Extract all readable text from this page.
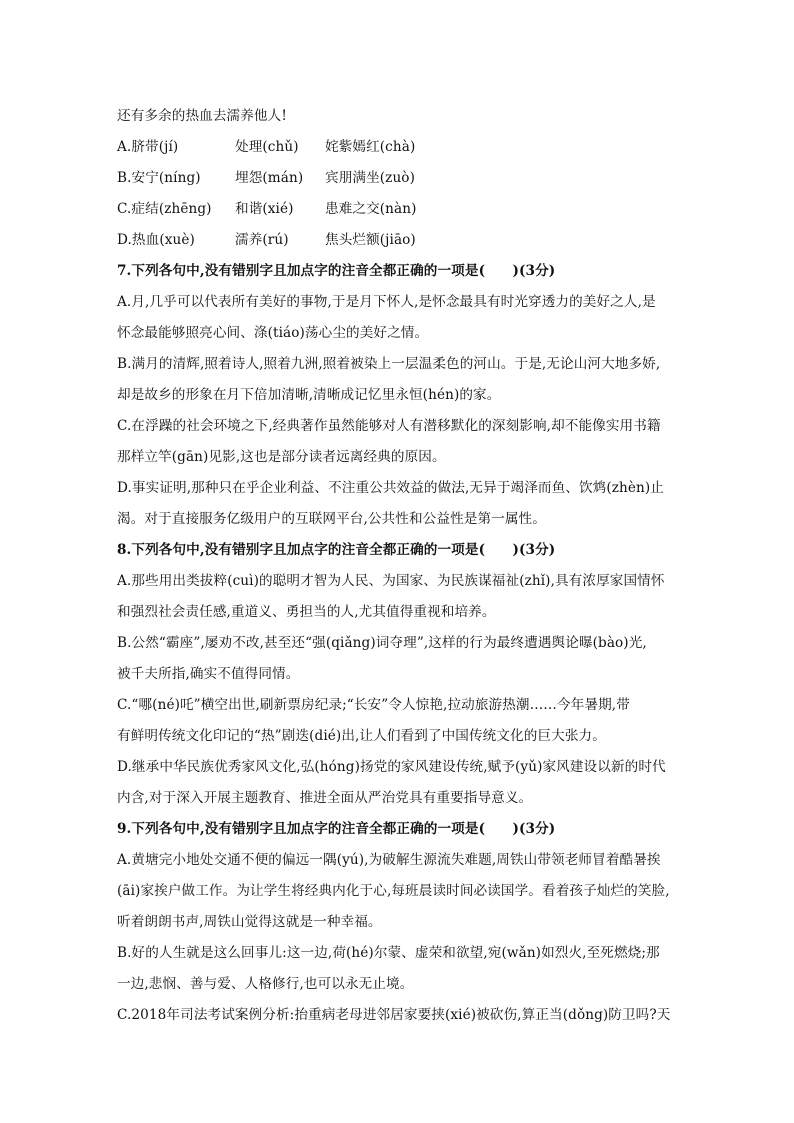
还有多余的热血去濡养他人!
A.脐带(jí)	处理(chǔ)	姹紫嫣红(chà)
B.安宁(níng)	埋怨(mán)	宾朋满坐(zuò)
C.症结(zhēng)	和谐(xié)	患难之交(nàn)
D.热血(xuè)	濡养(rú)	焦头烂额(jiāo)
7.下列各句中,没有错别字且加点字的注音全都正确的一项是(　　)(3分)
A.月,几乎可以代表所有美好的事物,于是月下怀人,是怀念最具有时光穿透力的美好之人,是
怀念最能够照亮心间、涤(tiáo)荡心尘的美好之情。
B.满月的清辉,照着诗人,照着九洲,照着被染上一层温柔色的河山。于是,无论山河大地多娇,
却是故乡的形象在月下倍加清晰,清晰成记忆里永恒(hén)的家。
C.在浮躁的社会环境之下,经典著作虽然能够对人有潜移默化的深刻影响,却不能像实用书籍
那样立竿(gān)见影,这也是部分读者远离经典的原因。
D.事实证明,那种只在乎企业利益、不注重公共效益的做法,无异于竭泽而鱼、饮鸩(zhèn)止
渴。对于直接服务亿级用户的互联网平台,公共性和公益性是第一属性。
8.下列各句中,没有错别字且加点字的注音全都正确的一项是(　　)(3分)
A.那些用出类拔粹(cuì)的聪明才智为人民、为国家、为民族谋福祉(zhǐ),具有浓厚家国情怀
和强烈社会责任感,重道义、勇担当的人,尤其值得重视和培养。
B.公然“霸座”,屡劝不改,甚至还“强(qiǎng)词夺理”,这样的行为最终遭遇舆论曝(bào)光,
被千夫所指,确实不值得同情。
C.“哪(né)吒”横空出世,刷新票房纪录;“长安”令人惊艳,拉动旅游热潮……今年暑期,带
有鲜明传统文化印记的“热”剧迭(dié)出,让人们看到了中国传统文化的巨大张力。
D.继承中华民族优秀家风文化,弘(hóng)扬党的家风建设传统,赋予(yǔ)家风建设以新的时代
内含,对于深入开展主题教育、推进全面从严治党具有重要指导意义。
9.下列各句中,没有错别字且加点字的注音全都正确的一项是(　　)(3分)
A.黄塘完小地处交通不便的偏远一隅(yú),为破解生源流失难题,周铁山带领老师冒着酷暑挨
(āi)家挨户做工作。为让学生将经典内化于心,每班晨读时间必读国学。看着孩子灿烂的笑脸,
听着朗朗书声,周铁山觉得这就是一种幸福。
B.好的人生就是这么回事儿:这一边,荷(hé)尔蒙、虚荣和欲望,宛(wǎn)如烈火,至死燃烧;那
一边,悲悯、善与爱、人格修行,也可以永无止境。
C.2018年司法考试案例分析:抬重病老母进邻居家要挟(xié)被砍伤,算正当(dǒng)防卫吗?天
